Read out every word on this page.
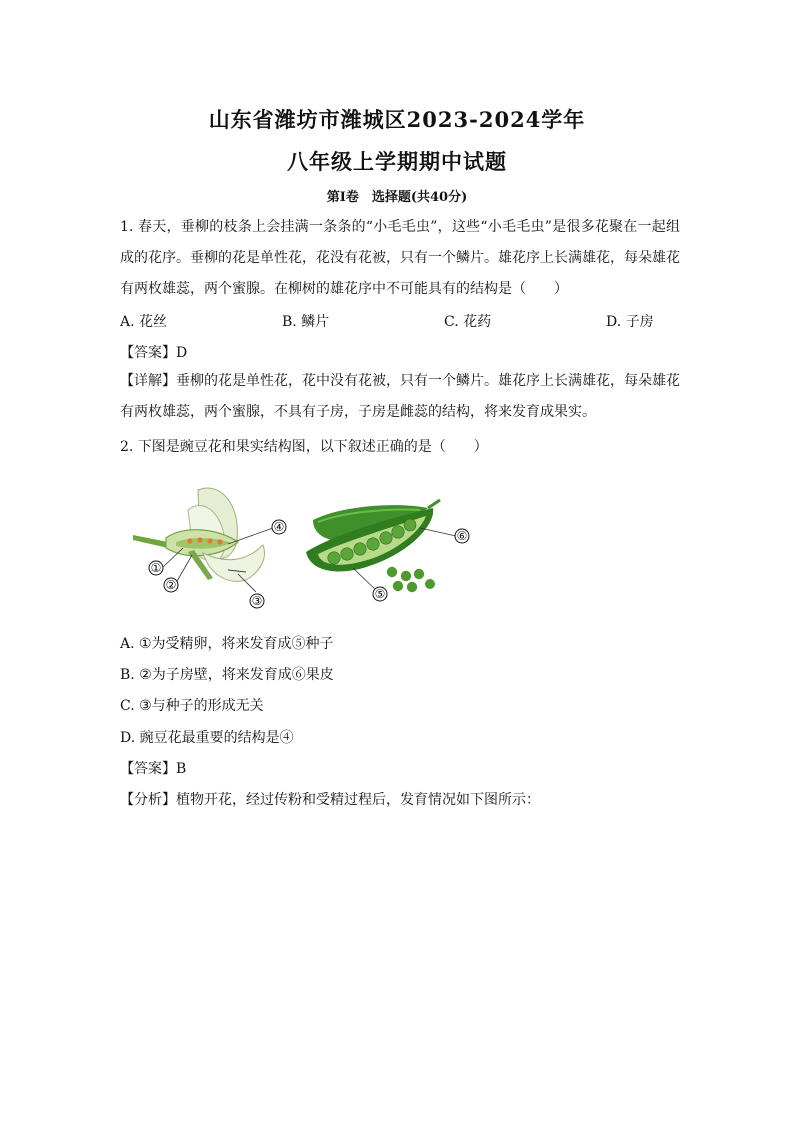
山东省潍坊市潍城区2023-2024学年
八年级上学期期中试题
第Ⅰ卷　选择题(共40分)
1. 春天，垂柳的枝条上会挂满一条条的“小毛毛虫”，这些“小毛毛虫”是很多花聚在一起组成的花序。垂柳的花是单性花，花没有花被，只有一个鳞片。雄花序上长满雄花，每朵雄花有两枚雄蕊，两个蜜腺。在柳树的雄花序中不可能具有的结构是（　　）
A. 花丝	B. 鳞片	C. 花药	D. 子房
【答案】D
【详解】垂柳的花是单性花，花中没有花被，只有一个鳞片。雄花序上长满雄花，每朵雄花有两枚雄蕊，两个蜜腺，不具有子房，子房是雌蕊的结构，将来发育成果实。
2. 下图是豌豆花和果实结构图，以下叙述正确的是（　　）
①
②
③
④
⑤
⑥
A. ①为受精卵，将来发育成⑤种子
B. ②为子房壁，将来发育成⑥果皮
C. ③与种子的形成无关
D. 豌豆花最重要的结构是④
【答案】B
【分析】植物开花，经过传粉和受精过程后，发育情况如下图所示：
